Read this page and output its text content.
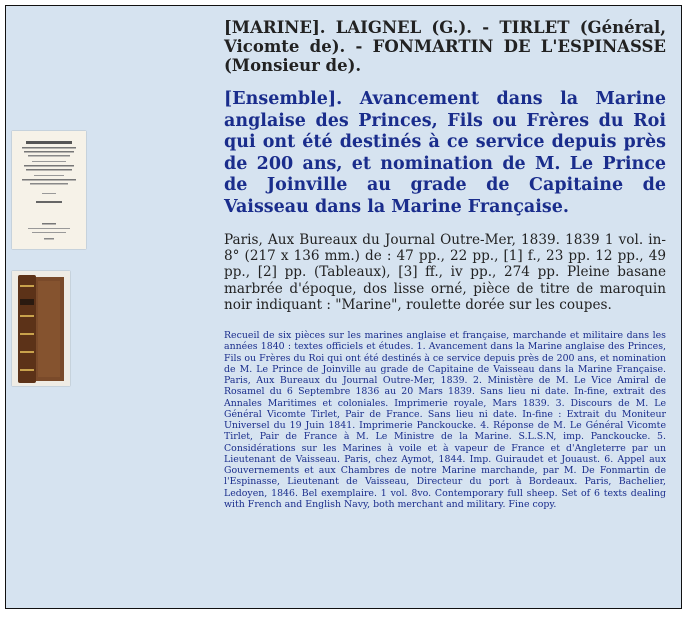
[MARINE]. LAIGNEL (G.). - TIRLET (Général, Vicomte de). - FONMARTIN DE L'ESPINASSE (Monsieur de).

[Ensemble]. Avancement dans la Marine anglaise des Princes, Fils ou Frères du Roi qui ont été destinés à ce service depuis près de 200 ans, et nomination de M. Le Prince de Joinville au grade de Capitaine de Vaisseau dans la Marine Française.

Paris, Aux Bureaux du Journal Outre-Mer, 1839. 1839 1 vol. in-8° (217 x 136 mm.) de : 47 pp., 22 pp., [1] f., 23 pp. 12 pp., 49 pp., [2] pp. (Tableaux), [3] ff., iv pp., 274 pp. Pleine basane marbrée d'époque, dos lisse orné, pièce de titre de maroquin noir indiquant : "Marine", roulette dorée sur les coupes.

Recueil de six pièces sur les marines anglaise et française, marchande et militaire dans les années 1840 : textes officiels et études. 1. Avancement dans la Marine anglaise des Princes, Fils ou Frères du Roi qui ont été destinés à ce service depuis près de 200 ans, et nomination de M. Le Prince de Joinville au grade de Capitaine de Vaisseau dans la Marine Française. Paris, Aux Bureaux du Journal Outre-Mer, 1839. 2. Ministère de M. Le Vice Amiral de Rosamel du 6 Septembre 1836 au 20 Mars 1839. Sans lieu ni date. In-fine, extrait des Annales Maritimes et coloniales. Imprimerie royale, Mars 1839. 3. Discours de M. Le Général Vicomte Tirlet, Pair de France. Sans lieu ni date. In-fine : Extrait du Moniteur Universel du 19 Juin 1841. Imprimerie Panckoucke. 4. Réponse de M. Le Général Vicomte Tirlet, Pair de France à M. Le Ministre de la Marine. S.L.S.N, imp. Panckoucke. 5. Considérations sur les Marines à voile et à vapeur de France et d'Angleterre par un Lieutenant de Vaisseau. Paris, chez Aymot, 1844. Imp. Guiraudet et Jouaust. 6. Appel aux Gouvernements et aux Chambres de notre Marine marchande, par M. De Fonmartin de l'Espinasse, Lieutenant de Vaisseau, Directeur du port à Bordeaux. Paris, Bachelier, Ledoyen, 1846. Bel exemplaire. 1 vol. 8vo. Contemporary full sheep. Set of 6 texts dealing with French and English Navy, both merchant and military. Fine copy.
